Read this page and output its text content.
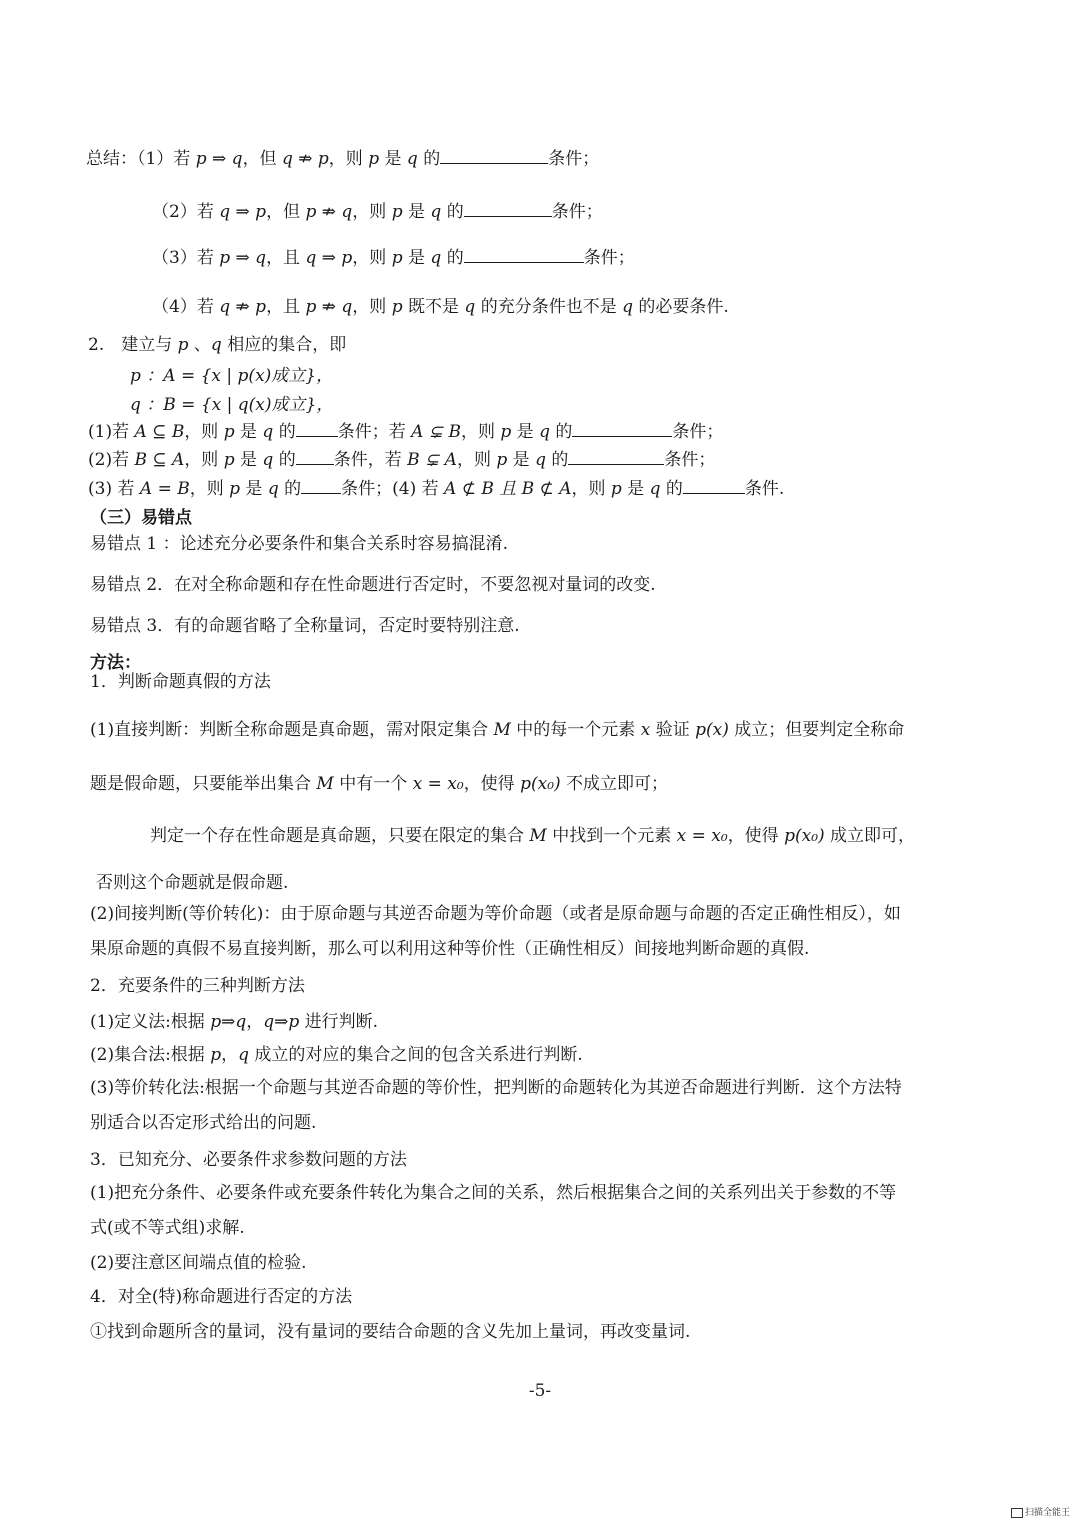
总结：（1）若 p ⇒ q，但 q ⇏ p，则 p 是 q 的	条件；
（2）若 q ⇒ p，但 p ⇏ q，则 p 是 q 的	条件；
（3）若 p ⇒ q，且 q ⇒ p，则 p 是 q 的	条件；
（4）若 q ⇏ p，且 p ⇏ q，则 p 既不是 q 的充分条件也不是 q 的必要条件.
2.　建立与 p 、q 相应的集合，即
p ：A = {x | p(x)成立}，
q ：B = {x | q(x)成立}，
(1)若 A ⊆ B，则 p 是 q 的 条件；若 A ⊊ B，则 p 是 q 的	条件；
(2)若 B ⊆ A，则 p 是 q 的 条件，若 B ⊊ A，则 p 是 q 的	条件；
(3) 若 A = B，则 p 是 q 的 条件；(4) 若 A ⊄ B 且 B ⊄ A，则 p 是 q 的	条件.
（三）易错点
易错点 1 ：论述充分必要条件和集合关系时容易搞混淆.
易错点 2．在对全称命题和存在性命题进行否定时，不要忽视对量词的改变.
易错点 3．有的命题省略了全称量词，否定时要特别注意.
方法：
1．判断命题真假的方法
(1)直接判断：判断全称命题是真命题，需对限定集合 M 中的每一个元素 x 验证 p(x) 成立；但要判定全称命
题是假命题，只要能举出集合 M 中有一个 x = x₀，使得 p(x₀) 不成立即可；
判定一个存在性命题是真命题，只要在限定的集合 M 中找到一个元素 x = x₀，使得 p(x₀) 成立即可，
否则这个命题就是假命题.
(2)间接判断(等价转化)：由于原命题与其逆否命题为等价命题（或者是原命题与命题的否定正确性相反），如
果原命题的真假不易直接判断，那么可以利用这种等价性（正确性相反）间接地判断命题的真假.
2．充要条件的三种判断方法
(1)定义法:根据 p⇒q，q⇒p 进行判断.
(2)集合法:根据 p，q 成立的对应的集合之间的包含关系进行判断.
(3)等价转化法:根据一个命题与其逆否命题的等价性，把判断的命题转化为其逆否命题进行判断．这个方法特
别适合以否定形式给出的问题.
3．已知充分、必要条件求参数问题的方法
(1)把充分条件、必要条件或充要条件转化为集合之间的关系，然后根据集合之间的关系列出关于参数的不等
式(或不等式组)求解.
(2)要注意区间端点值的检验.
4．对全(特)称命题进行否定的方法
①找到命题所含的量词，没有量词的要结合命题的含义先加上量词，再改变量词.
-5-
扫描全能王
